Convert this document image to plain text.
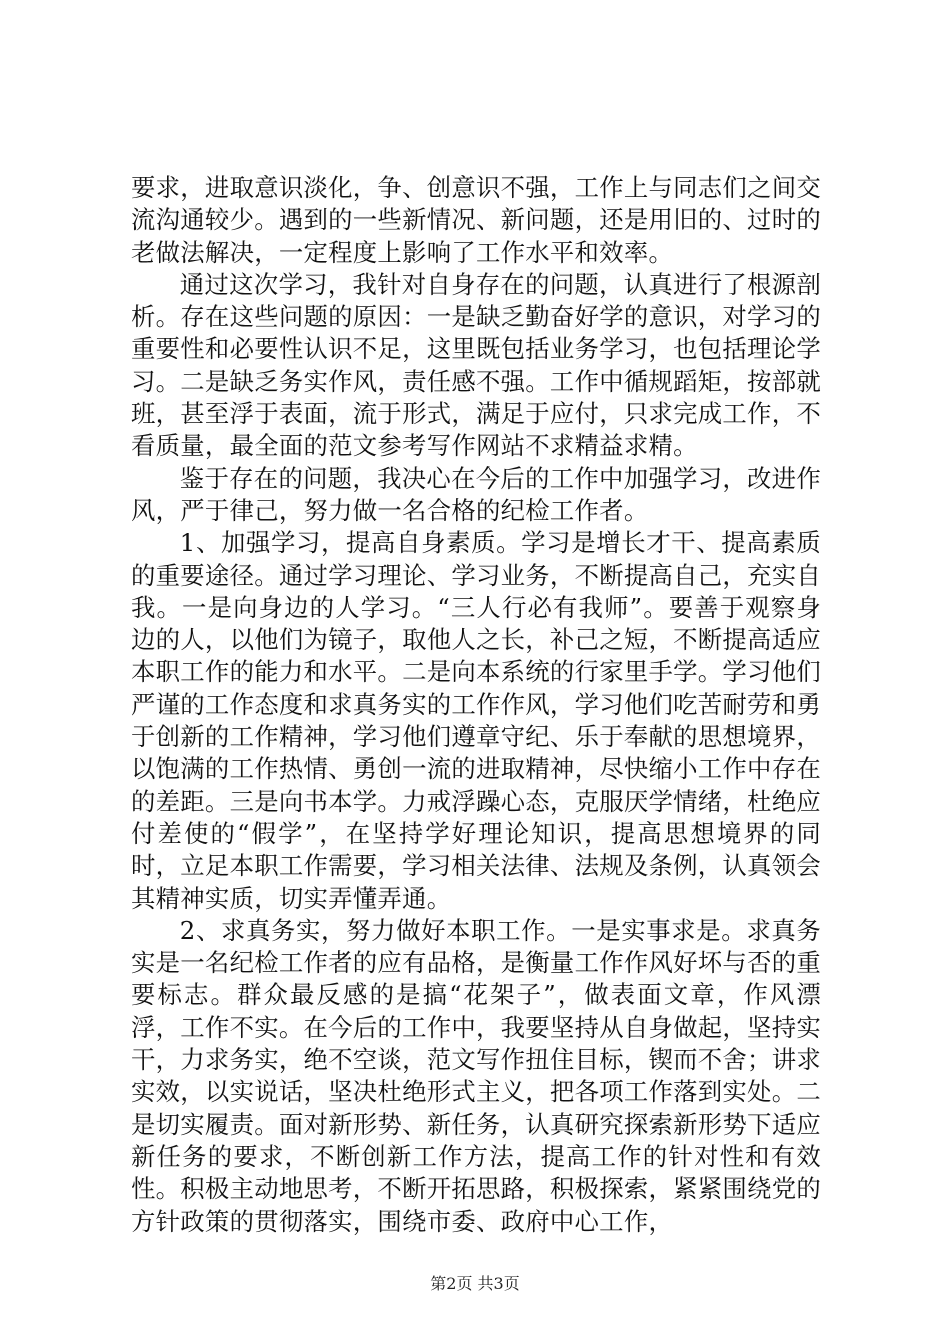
要求，进取意识淡化，争、创意识不强，工作上与同志们之间交流沟通较少。遇到的一些新情况、新问题，还是用旧的、过时的老做法解决，一定程度上影响了工作水平和效率。

通过这次学习，我针对自身存在的问题，认真进行了根源剖析。存在这些问题的原因：一是缺乏勤奋好学的意识，对学习的重要性和必要性认识不足，这里既包括业务学习，也包括理论学习。二是缺乏务实作风，责任感不强。工作中循规蹈矩，按部就班，甚至浮于表面，流于形式，满足于应付，只求完成工作，不看质量，最全面的范文参考写作网站不求精益求精。

鉴于存在的问题，我决心在今后的工作中加强学习，改进作风，严于律己，努力做一名合格的纪检工作者。

1、加强学习，提高自身素质。学习是增长才干、提高素质的重要途径。通过学习理论、学习业务，不断提高自己，充实自我。一是向身边的人学习。“三人行必有我师”。要善于观察身边的人，以他们为镜子，取他人之长，补己之短，不断提高适应本职工作的能力和水平。二是向本系统的行家里手学。学习他们严谨的工作态度和求真务实的工作作风，学习他们吃苦耐劳和勇于创新的工作精神，学习他们遵章守纪、乐于奉献的思想境界，以饱满的工作热情、勇创一流的进取精神，尽快缩小工作中存在的差距。三是向书本学。力戒浮躁心态，克服厌学情绪，杜绝应付差使的“假学”，在坚持学好理论知识，提高思想境界的同时，立足本职工作需要，学习相关法律、法规及条例，认真领会其精神实质，切实弄懂弄通。

2、求真务实，努力做好本职工作。一是实事求是。求真务实是一名纪检工作者的应有品格，是衡量工作作风好坏与否的重要标志。群众最反感的是搞“花架子”，做表面文章，作风漂浮，工作不实。在今后的工作中，我要坚持从自身做起，坚持实干，力求务实，绝不空谈，范文写作扭住目标，锲而不舍；讲求实效，以实说话，坚决杜绝形式主义，把各项工作落到实处。二是切实履责。面对新形势、新任务，认真研究探索新形势下适应新任务的要求，不断创新工作方法，提高工作的针对性和有效性。积极主动地思考，不断开拓思路，积极探索，紧紧围绕党的方针政策的贯彻落实，围绕市委、政府中心工作，

第2页 共3页
